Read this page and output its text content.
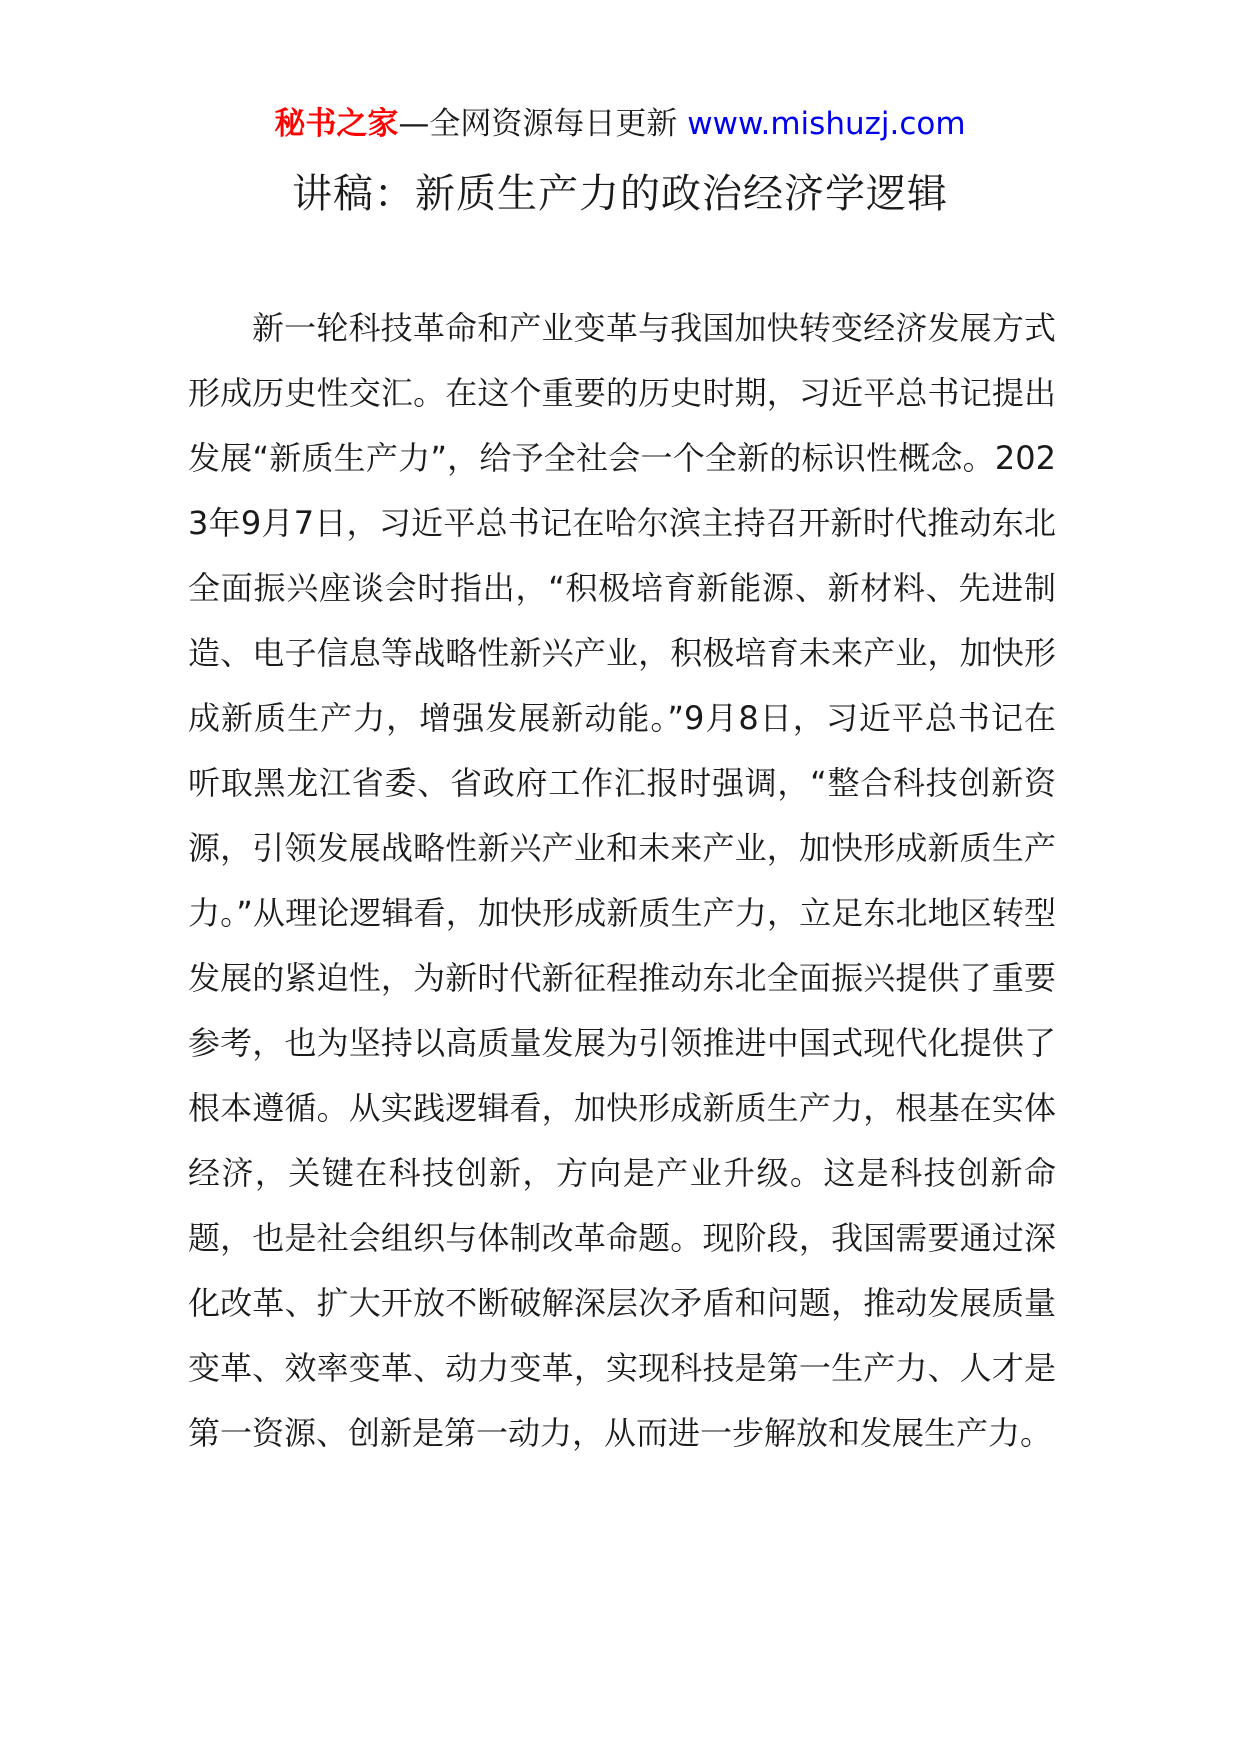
秘书之家—全网资源每日更新 www.mishuzj.com
讲稿：新质生产力的政治经济学逻辑

新一轮科技革命和产业变革与我国加快转变经济发展方式形成历史性交汇。在这个重要的历史时期，习近平总书记提出发展“新质生产力”，给予全社会一个全新的标识性概念。2023年9月7日，习近平总书记在哈尔滨主持召开新时代推动东北全面振兴座谈会时指出，“积极培育新能源、新材料、先进制造、电子信息等战略性新兴产业，积极培育未来产业，加快形成新质生产力，增强发展新动能。”9月8日，习近平总书记在听取黑龙江省委、省政府工作汇报时强调，“整合科技创新资源，引领发展战略性新兴产业和未来产业，加快形成新质生产力。”从理论逻辑看，加快形成新质生产力，立足东北地区转型发展的紧迫性，为新时代新征程推动东北全面振兴提供了重要参考，也为坚持以高质量发展为引领推进中国式现代化提供了根本遵循。从实践逻辑看，加快形成新质生产力，根基在实体经济，关键在科技创新，方向是产业升级。这是科技创新命题，也是社会组织与体制改革命题。现阶段，我国需要通过深化改革、扩大开放不断破解深层次矛盾和问题，推动发展质量变革、效率变革、动力变革，实现科技是第一生产力、人才是第一资源、创新是第一动力，从而进一步解放和发展生产力。
